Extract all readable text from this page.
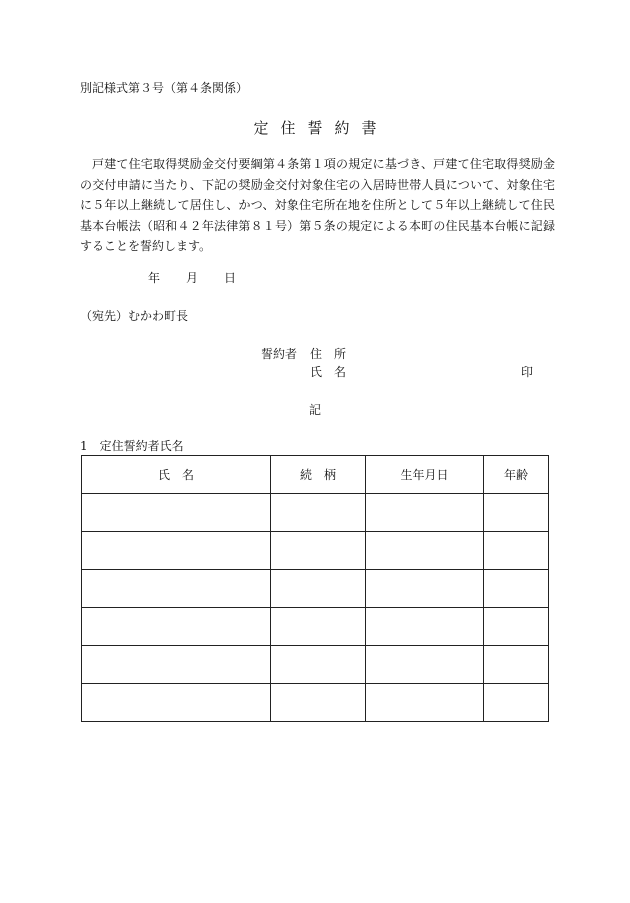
別記様式第３号（第４条関係）
定住誓約書
戸建て住宅取得奨励金交付要綱第４条第１項の規定に基づき、戸建て住宅取得奨励金の交付申請に当たり、下記の奨励金交付対象住宅の入居時世帯人員について、対象住宅に５年以上継続して居住し、かつ、対象住宅所在地を住所として５年以上継続して住民基本台帳法（昭和４２年法律第８１号）第５条の規定による本町の住民基本台帳に記録することを誓約します。
年 月 日
（宛先）むかわ町長
誓約者 住　所
氏　名	印
記
1 定住誓約者氏名
氏　名	続　柄	生年月日	年齢
